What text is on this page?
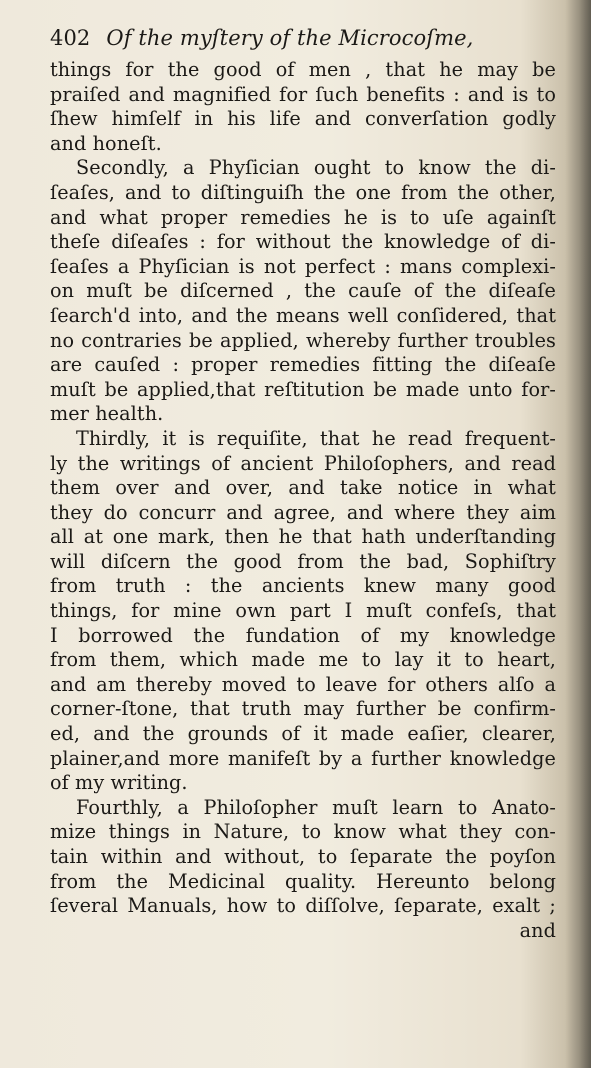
402 Of the myſtery of the Microcoſme,
things for the good of men , that he may be
praiſed and magnified for ſuch benefits : and is to
ſhew himſelf in his life and converſation godly
and honeſt.
Secondly, a Phyſician ought to know the di-
ſeaſes, and to diſtinguiſh the one from the other,
and what proper remedies he is to uſe againſt
theſe diſeaſes : for without the knowledge of di-
ſeaſes a Phyſician is not perfect : mans complexi-
on muſt be diſcerned , the cauſe of the diſeaſe
ſearch'd into, and the means well conſidered, that
no contraries be applied, whereby further troubles
are cauſed : proper remedies fitting the diſeaſe
muſt be applied,that reſtitution be made unto for-
mer health.
Thirdly, it is requiſite, that he read frequent-
ly the writings of ancient Philoſophers, and read
them over and over, and take notice in what
they do concurr and agree, and where they aim
all at one mark, then he that hath underſtanding
will diſcern the good from the bad, Sophiſtry
from truth : the ancients knew many good
things, for mine own part I muſt confeſs, that
I borrowed the fundation of my knowledge
from them, which made me to lay it to heart,
and am thereby moved to leave for others alſo a
corner-ſtone, that truth may further be confirm-
ed, and the grounds of it made eaſier, clearer,
plainer,and more manifeſt by a further knowledge
of my writing.
Fourthly, a Philoſopher muſt learn to Anato-
mize things in Nature, to know what they con-
tain within and without, to ſeparate the poyſon
from the Medicinal quality. Hereunto belong
ſeveral Manuals, how to diſſolve, ſeparate, exalt ;
and
